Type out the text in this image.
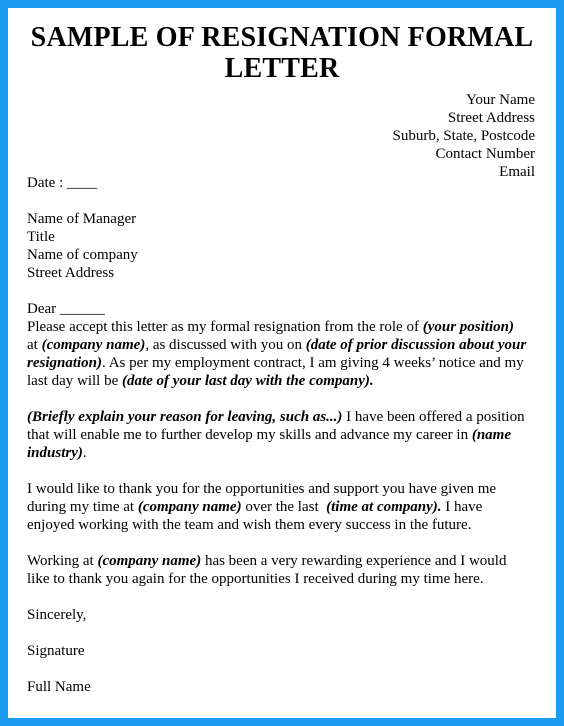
SAMPLE OF RESIGNATION FORMAL
LETTER
Your Name
Street Address
Suburb, State, Postcode
Contact Number
Email
Date : ____
Name of Manager
Title
Name of company
Street Address
Dear ______
Please accept this letter as my formal resignation from the role of (your position)
at (company name), as discussed with you on (date of prior discussion about your
resignation). As per my employment contract, I am giving 4 weeks’ notice and my
last day will be (date of your last day with the company).
(Briefly explain your reason for leaving, such as...) I have been offered a position
that will enable me to further develop my skills and advance my career in (name
industry).
I would like to thank you for the opportunities and support you have given me
during my time at (company name) over the last  (time at company). I have
enjoyed working with the team and wish them every success in the future.
Working at (company name) has been a very rewarding experience and I would
like to thank you again for the opportunities I received during my time here.
Sincerely,
Signature
Full Name
